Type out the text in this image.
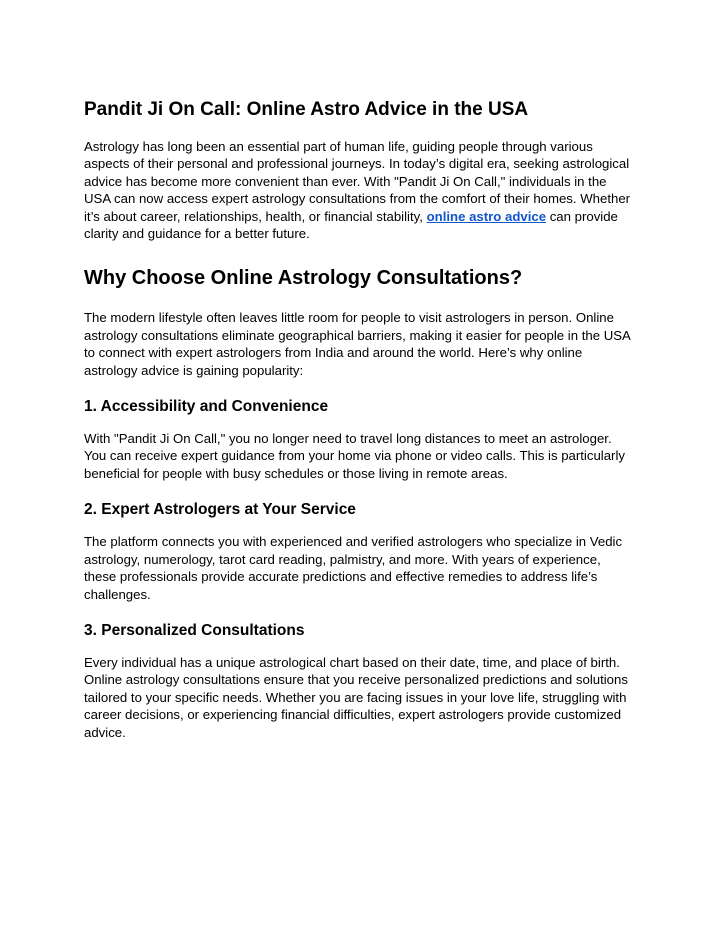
Pandit Ji On Call: Online Astro Advice in the USA

Astrology has long been an essential part of human life, guiding people through various aspects of their personal and professional journeys. In today’s digital era, seeking astrological advice has become more convenient than ever. With "Pandit Ji On Call," individuals in the USA can now access expert astrology consultations from the comfort of their homes. Whether it’s about career, relationships, health, or financial stability, online astro advice can provide clarity and guidance for a better future.

Why Choose Online Astrology Consultations?

The modern lifestyle often leaves little room for people to visit astrologers in person. Online astrology consultations eliminate geographical barriers, making it easier for people in the USA to connect with expert astrologers from India and around the world. Here’s why online astrology advice is gaining popularity:

1. Accessibility and Convenience

With "Pandit Ji On Call," you no longer need to travel long distances to meet an astrologer. You can receive expert guidance from your home via phone or video calls. This is particularly beneficial for people with busy schedules or those living in remote areas.

2. Expert Astrologers at Your Service

The platform connects you with experienced and verified astrologers who specialize in Vedic astrology, numerology, tarot card reading, palmistry, and more. With years of experience, these professionals provide accurate predictions and effective remedies to address life’s challenges.

3. Personalized Consultations

Every individual has a unique astrological chart based on their date, time, and place of birth. Online astrology consultations ensure that you receive personalized predictions and solutions tailored to your specific needs. Whether you are facing issues in your love life, struggling with career decisions, or experiencing financial difficulties, expert astrologers provide customized advice.
